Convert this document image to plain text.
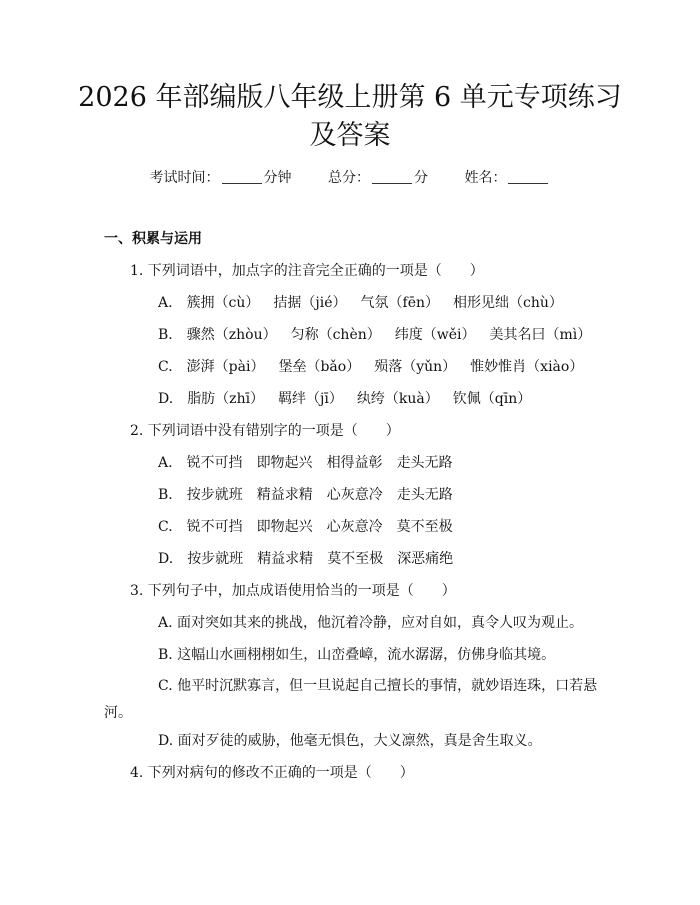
2026 年部编版八年级上册第 6 单元专项练习
及答案
考试时间：	分钟	总分：	分	姓名：
一、积累与运用
1. 下列词语中，加点字的注音完全正确的一项是（　　）
A. 簇拥（cù） 拮据（jié） 气氛（fēn） 相形见绌（chù）
B. 骤然（zhòu） 匀称（chèn） 纬度（wěi） 美其名曰（mì）
C. 澎湃（pài） 堡垒（bǎo） 殒落（yǔn） 惟妙惟肖（xiào）
D. 脂肪（zhī） 羁绊（jī） 纨绔（kuà） 钦佩（qīn）
2. 下列词语中没有错别字的一项是（　　）
A. 锐不可挡 即物起兴 相得益彰 走头无路
B. 按步就班 精益求精 心灰意冷 走头无路
C. 锐不可挡 即物起兴 心灰意冷 莫不至极
D. 按步就班 精益求精 莫不至极 深恶痛绝
3. 下列句子中，加点成语使用恰当的一项是（　　）
A. 面对突如其来的挑战，他沉着冷静，应对自如，真令人叹为观止。
B. 这幅山水画栩栩如生，山峦叠嶂，流水潺潺，仿佛身临其境。
C. 他平时沉默寡言，但一旦说起自己擅长的事情，就妙语连珠，口若悬河。
D. 面对歹徒的威胁，他毫无惧色，大义凛然，真是舍生取义。
4. 下列对病句的修改不正确的一项是（　　）
